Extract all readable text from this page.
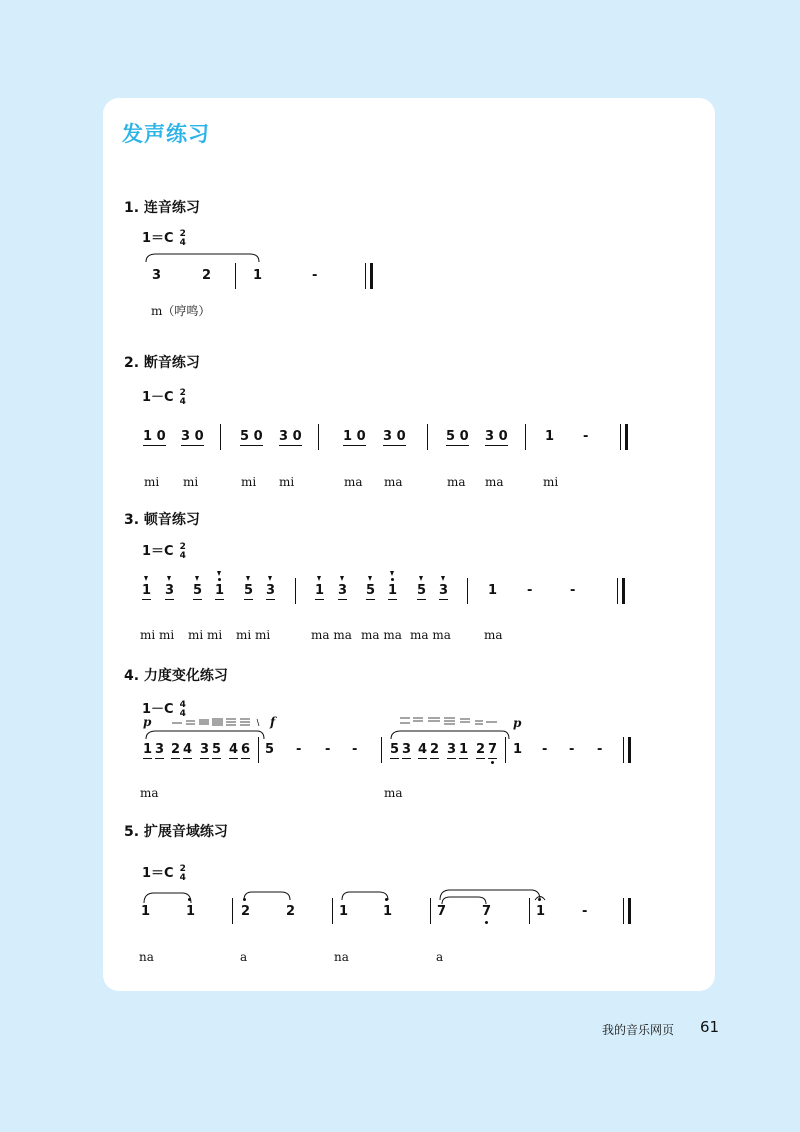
发声练习
1. 连音练习
1＝C 2
4
3	2	1	-
m（哼鸣）
2. 断音练习
1－C 2
4
1 0 3 0	5 0 3 0	1 0 3 0	5 0 3 0	1 -
mi mi	mi mi	ma ma	ma ma	mi
3. 顿音练习
1＝C 2
4
1 3 5 1 5 3	1 3 5 1 5 3	1 -	-
mi mi mi mi mi mi	ma ma ma ma ma ma	ma
4. 力度变化练习
1－C 4
4
p	f	p
1 3 2 4 3 5 4 6 5 - - -	5 3 4 2 3 1 2 7 1 - - -
ma	ma
5. 扩展音域练习
1＝C 2
4
1	1	2	2	1	1	7	7	1	-
na	a	na	a
我的音乐网页 61
